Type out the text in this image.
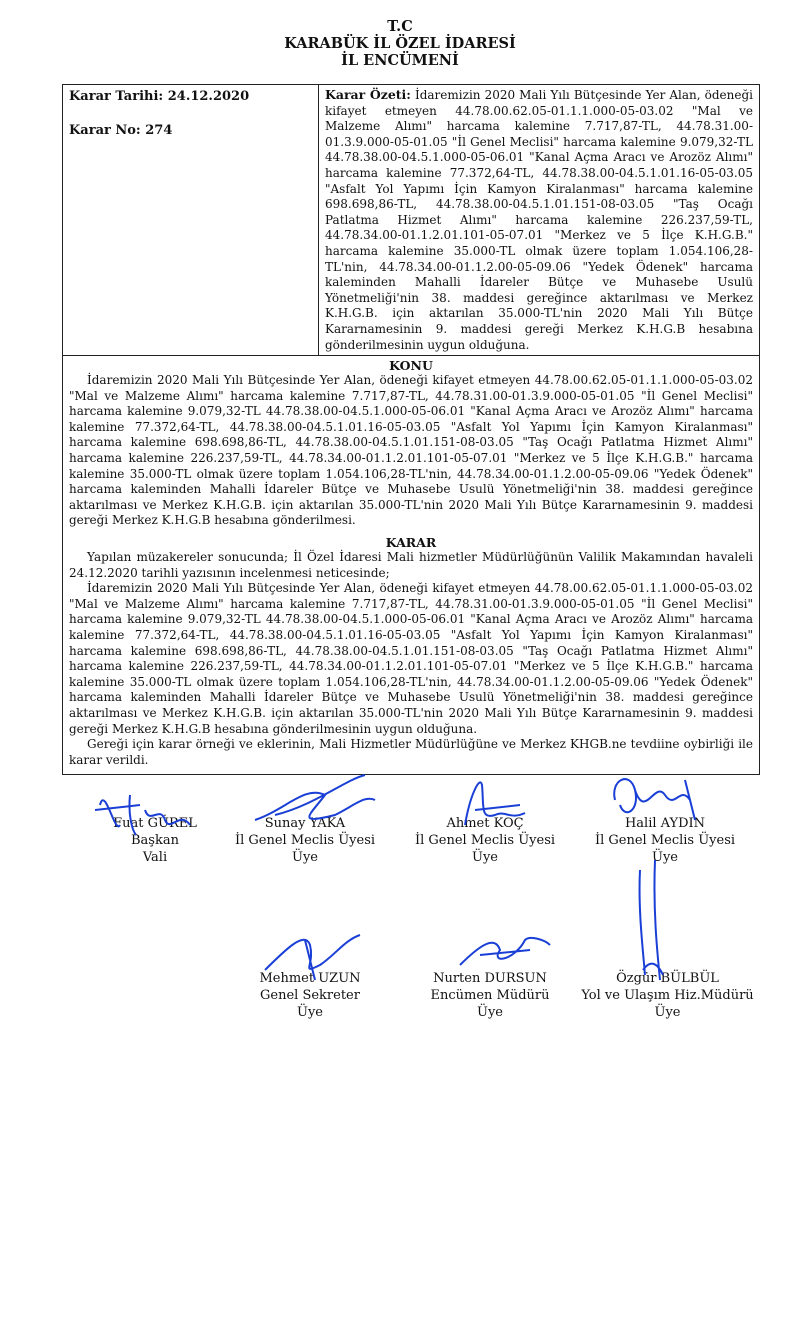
T.C
KARABÜK İL ÖZEL İDARESİ
İL ENCÜMENİ
Karar Tarihi: 24.12.2020
Karar No: 274
Karar Özeti: İdaremizin 2020 Mali Yılı Bütçesinde Yer Alan, ödeneği kifayet etmeyen 44.78.00.62.05-01.1.1.000-05-03.02 "Mal ve Malzeme Alımı" harcama kalemine 7.717,87-TL, 44.78.31.00-01.3.9.000-05-01.05 "İl Genel Meclisi" harcama kalemine 9.079,32-TL 44.78.38.00-04.5.1.000-05-06.01 "Kanal Açma Aracı ve Arozöz Alımı" harcama kalemine 77.372,64-TL, 44.78.38.00-04.5.1.01.16-05-03.05 "Asfalt Yol Yapımı İçin Kamyon Kiralanması" harcama kalemine 698.698,86-TL, 44.78.38.00-04.5.1.01.151-08-03.05 "Taş Ocağı Patlatma Hizmet Alımı" harcama kalemine 226.237,59-TL, 44.78.34.00-01.1.2.01.101-05-07.01 "Merkez ve 5 İlçe K.H.G.B." harcama kalemine 35.000-TL olmak üzere toplam 1.054.106,28-TL'nin, 44.78.34.00-01.1.2.00-05-09.06 "Yedek Ödenek" harcama kaleminden Mahalli İdareler Bütçe ve Muhasebe Usulü Yönetmeliği'nin 38. maddesi gereğince aktarılması ve Merkez K.H.G.B. için aktarılan 35.000-TL'nin 2020 Mali Yılı Bütçe Kararnamesinin 9. maddesi gereği Merkez K.H.G.B hesabına gönderilmesinin uygun olduğuna.
KONU

İdaremizin 2020 Mali Yılı Bütçesinde Yer Alan, ödeneği kifayet etmeyen 44.78.00.62.05-01.1.1.000-05-03.02 "Mal ve Malzeme Alımı" harcama kalemine 7.717,87-TL, 44.78.31.00-01.3.9.000-05-01.05 "İl Genel Meclisi" harcama kalemine 9.079,32-TL 44.78.38.00-04.5.1.000-05-06.01 "Kanal Açma Aracı ve Arozöz Alımı" harcama kalemine 77.372,64-TL, 44.78.38.00-04.5.1.01.16-05-03.05 "Asfalt Yol Yapımı İçin Kamyon Kiralanması" harcama kalemine 698.698,86-TL, 44.78.38.00-04.5.1.01.151-08-03.05 "Taş Ocağı Patlatma Hizmet Alımı" harcama kalemine 226.237,59-TL, 44.78.34.00-01.1.2.01.101-05-07.01 "Merkez ve 5 İlçe K.H.G.B." harcama kalemine 35.000-TL olmak üzere toplam 1.054.106,28-TL'nin, 44.78.34.00-01.1.2.00-05-09.06 "Yedek Ödenek" harcama kaleminden Mahalli İdareler Bütçe ve Muhasebe Usulü Yönetmeliği'nin 38. maddesi gereğince aktarılması ve Merkez K.H.G.B. için aktarılan 35.000-TL'nin 2020 Mali Yılı Bütçe Kararnamesinin 9. maddesi gereği Merkez K.H.G.B hesabına gönderilmesi.

KARAR

Yapılan müzakereler sonucunda; İl Özel İdaresi Mali hizmetler Müdürlüğünün Valilik Makamından havaleli 24.12.2020 tarihli yazısının incelenmesi neticesinde;

İdaremizin 2020 Mali Yılı Bütçesinde Yer Alan, ödeneği kifayet etmeyen 44.78.00.62.05-01.1.1.000-05-03.02 "Mal ve Malzeme Alımı" harcama kalemine 7.717,87-TL, 44.78.31.00-01.3.9.000-05-01.05 "İl Genel Meclisi" harcama kalemine 9.079,32-TL 44.78.38.00-04.5.1.000-05-06.01 "Kanal Açma Aracı ve Arozöz Alımı" harcama kalemine 77.372,64-TL, 44.78.38.00-04.5.1.01.16-05-03.05 "Asfalt Yol Yapımı İçin Kamyon Kiralanması" harcama kalemine 698.698,86-TL, 44.78.38.00-04.5.1.01.151-08-03.05 "Taş Ocağı Patlatma Hizmet Alımı" harcama kalemine 226.237,59-TL, 44.78.34.00-01.1.2.01.101-05-07.01 "Merkez ve 5 İlçe K.H.G.B." harcama kalemine 35.000-TL olmak üzere toplam 1.054.106,28-TL'nin, 44.78.34.00-01.1.2.00-05-09.06 "Yedek Ödenek" harcama kaleminden Mahalli İdareler Bütçe ve Muhasebe Usulü Yönetmeliği'nin 38. maddesi gereğince aktarılması ve Merkez K.H.G.B. için aktarılan 35.000-TL'nin 2020 Mali Yılı Bütçe Kararnamesinin 9. maddesi gereği Merkez K.H.G.B hesabına gönderilmesinin uygun olduğuna.

Gereği için karar örneği ve eklerinin, Mali Hizmetler Müdürlüğüne ve Merkez KHGB.ne tevdiine oybirliği ile karar verildi.

Fuat GÜREL
Başkan
Vali
Sunay YAKA
İl Genel Meclis Üyesi
Üye
Ahmet KOÇ
İl Genel Meclis Üyesi
Üye
Halil AYDIN
İl Genel Meclis Üyesi
Üye
Mehmet UZUN
Genel Sekreter
Üye
Nurten DURSUN
Encümen Müdürü
Üye
Özgür BÜLBÜL
Yol ve Ulaşım Hiz.Müdürü
Üye
